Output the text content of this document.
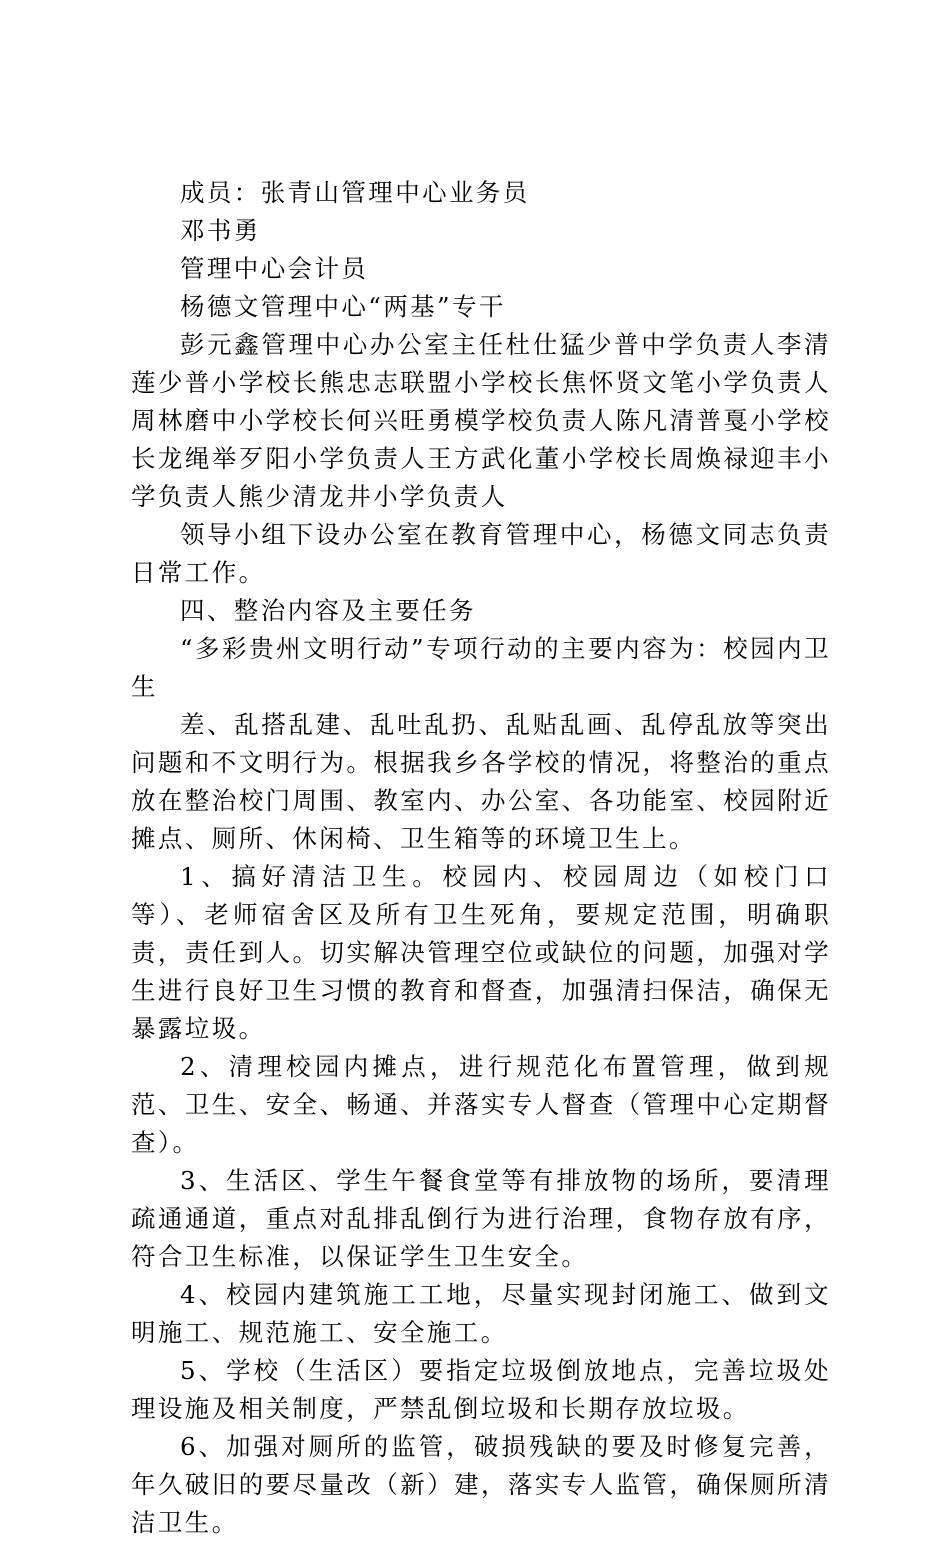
成员：张青山管理中心业务员

邓书勇

管理中心会计员

杨德文管理中心“两基”专干

彭元鑫管理中心办公室主任杜仕猛少普中学负责人李清莲少普小学校长熊忠志联盟小学校长焦怀贤文笔小学负责人周林磨中小学校长何兴旺勇模学校负责人陈凡清普戛小学校长龙绳举歹阳小学负责人王方武化董小学校长周焕禄迎丰小学负责人熊少清龙井小学负责人

领导小组下设办公室在教育管理中心，杨德文同志负责日常工作。

四、整治内容及主要任务

“多彩贵州文明行动”专项行动的主要内容为：校园内卫生

差、乱搭乱建、乱吐乱扔、乱贴乱画、乱停乱放等突出问题和不文明行为。根据我乡各学校的情况，将整治的重点放在整治校门周围、教室内、办公室、各功能室、校园附近摊点、厕所、休闲椅、卫生箱等的环境卫生上。

1、搞好清洁卫生。校园内、校园周边（如校门口等）、老师宿舍区及所有卫生死角，要规定范围，明确职责，责任到人。切实解决管理空位或缺位的问题，加强对学生进行良好卫生习惯的教育和督查，加强清扫保洁，确保无暴露垃圾。

2、清理校园内摊点，进行规范化布置管理，做到规范、卫生、安全、畅通、并落实专人督查（管理中心定期督查）。

3、生活区、学生午餐食堂等有排放物的场所，要清理疏通通道，重点对乱排乱倒行为进行治理，食物存放有序，符合卫生标准，以保证学生卫生安全。

4、校园内建筑施工工地，尽量实现封闭施工、做到文明施工、规范施工、安全施工。

5、学校（生活区）要指定垃圾倒放地点，完善垃圾处理设施及相关制度，严禁乱倒垃圾和长期存放垃圾。

6、加强对厕所的监管，破损残缺的要及时修复完善，年久破旧的要尽量改（新）建，落实专人监管，确保厕所清洁卫生。
